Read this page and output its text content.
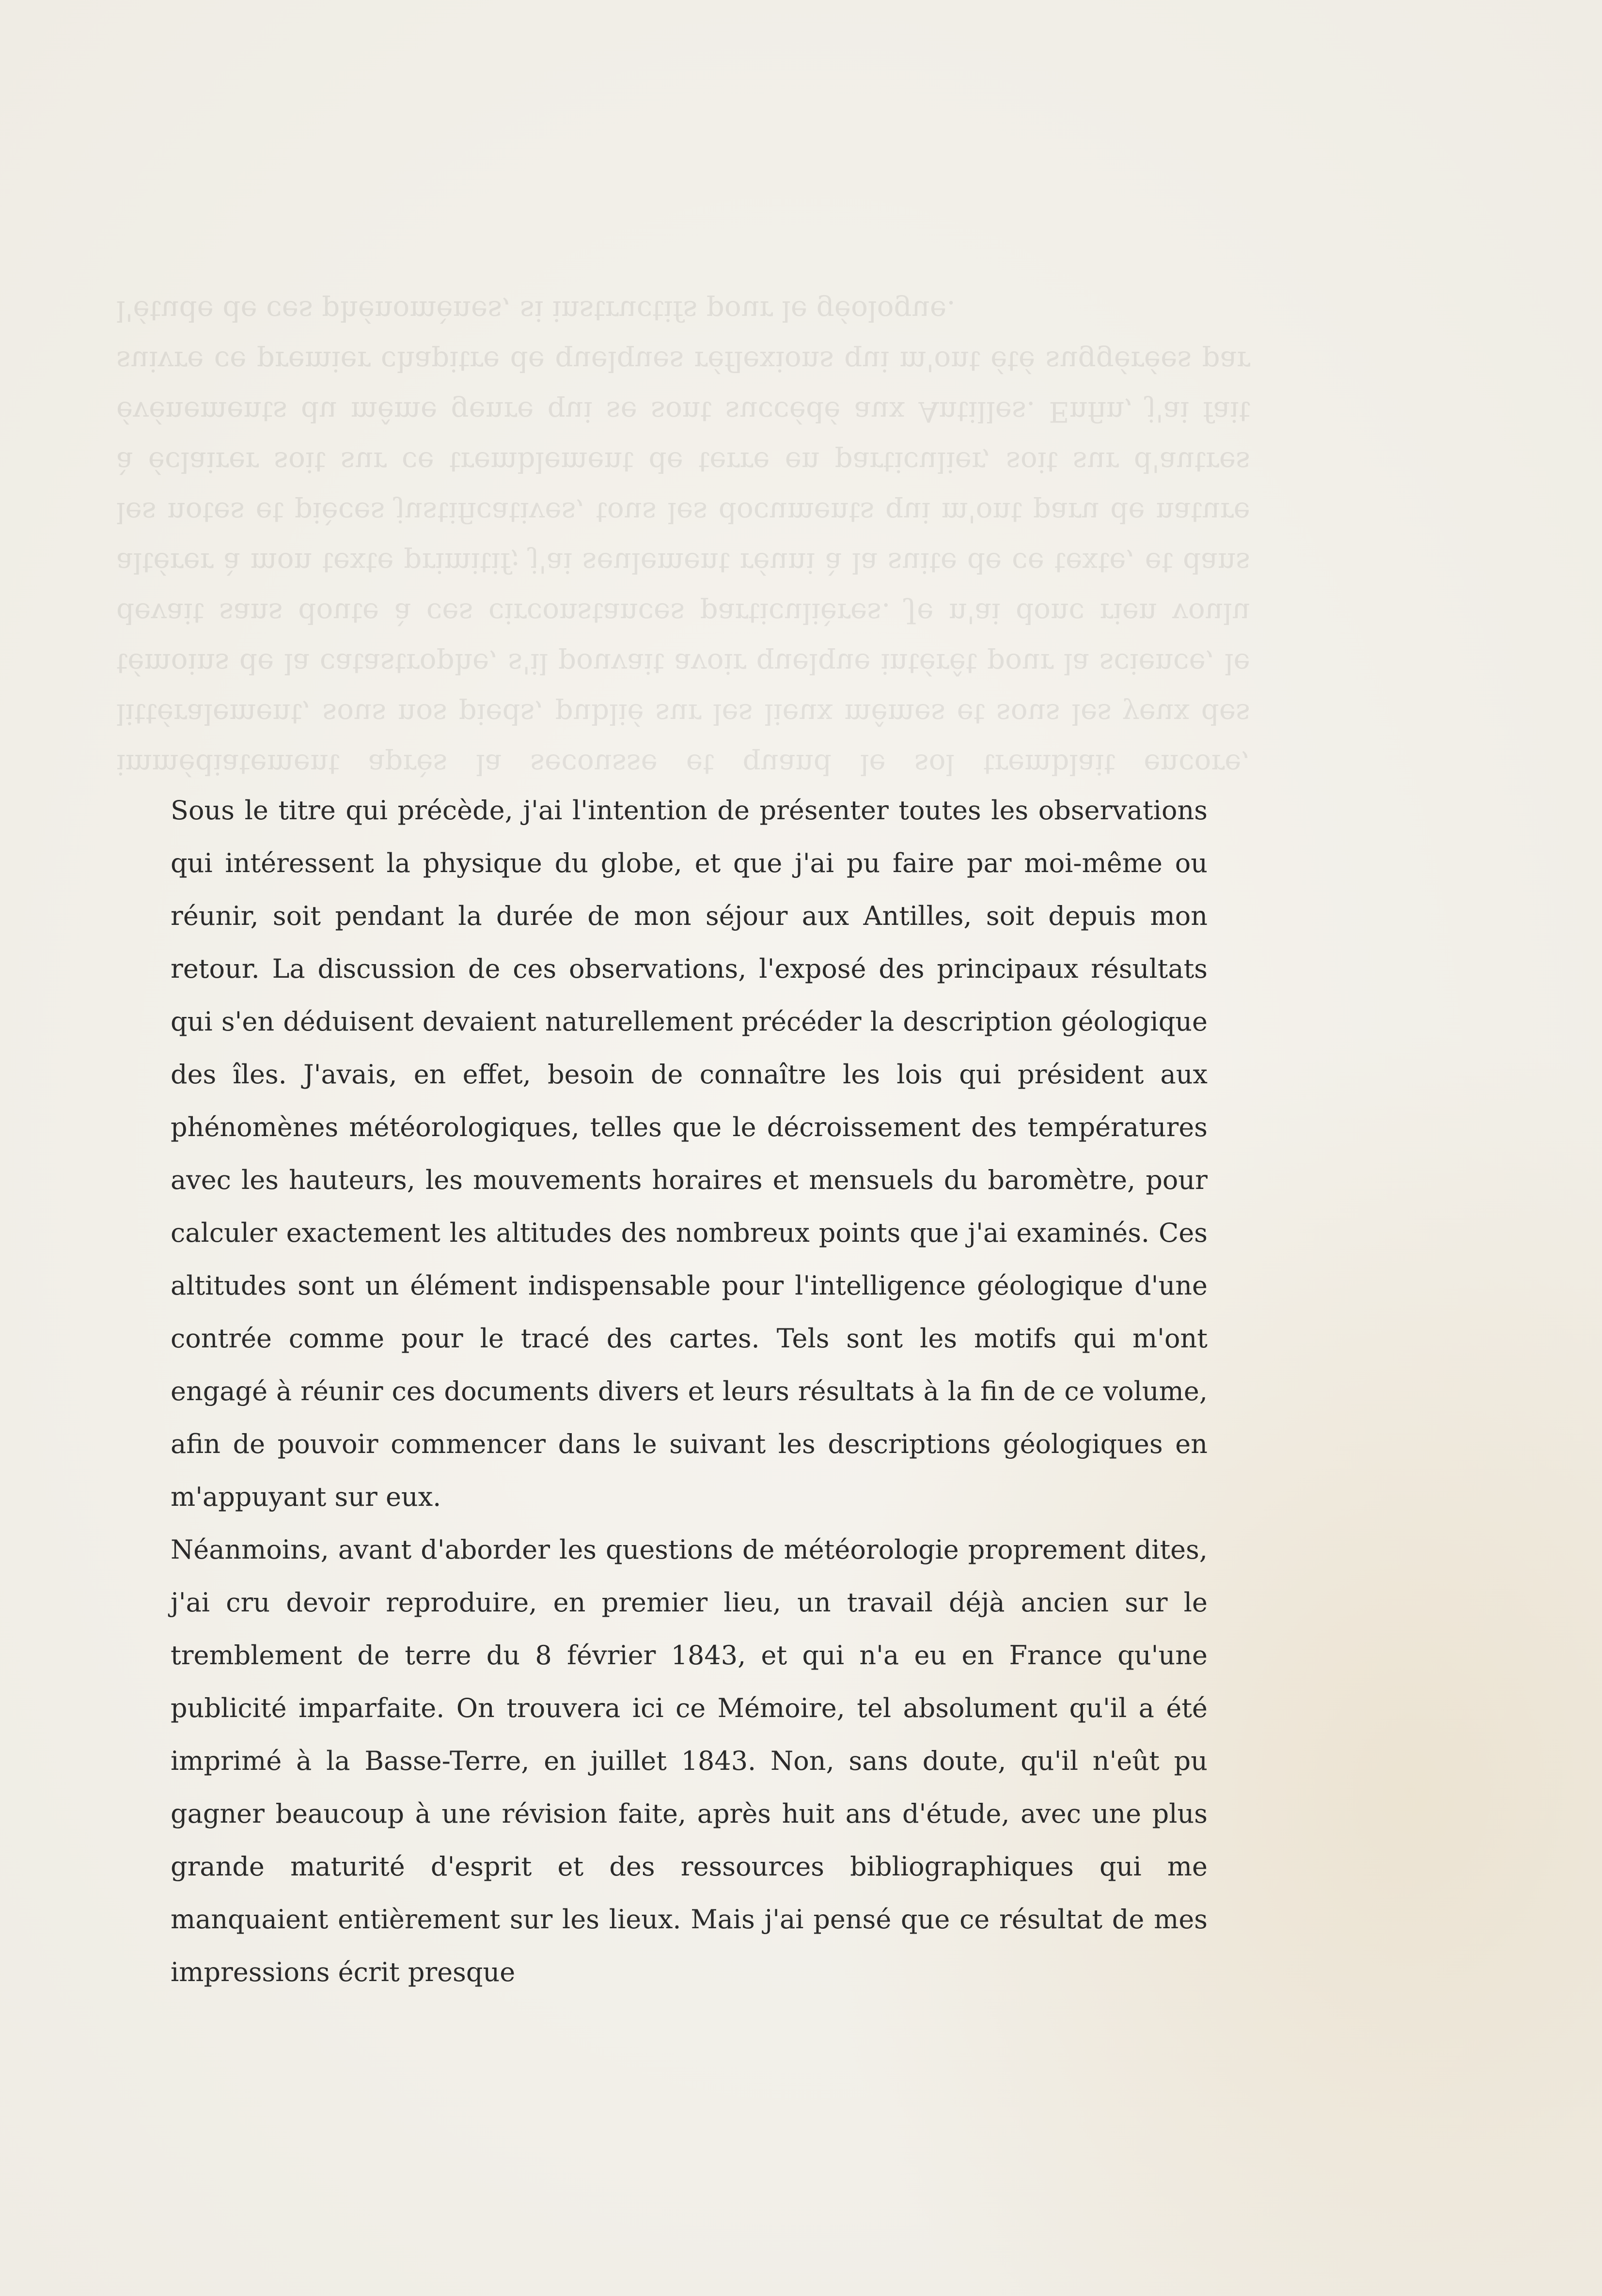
immédiatement après la secousse et quand le sol tremblait encore, littéralement, sous nos pieds, publié sur les lieux mêmes et sous les yeux des témoins de la catastrophe, s'il pouvait avoir quelque intérêt pour la science, le devait sans doute à ces circonstances particulières. Je n'ai donc rien voulu altérer à mon texte primitif; j'ai seulement réuni à la suite de ce texte, et dans les notes et pièces justificatives, tous les documents qui m'ont paru de nature à éclairer soit sur ce tremblement de terre en particulier, soit sur d'autres événements du même genre qui se sont succédé aux Antilles. Enfin, j'ai fait suivre ce premier chapitre de quelques réflexions qui m'ont été suggérées par l'étude de ces phénomènes, si instructifs pour le géologue.

Sous le titre qui précède, j'ai l'intention de présenter toutes les observations qui intéressent la physique du globe, et que j'ai pu faire par moi-même ou réunir, soit pendant la durée de mon séjour aux Antilles, soit depuis mon retour. La discussion de ces observations, l'exposé des principaux résultats qui s'en déduisent devaient naturellement précéder la description géologique des îles. J'avais, en effet, besoin de connaître les lois qui président aux phénomènes météorologiques, telles que le décroissement des températures avec les hauteurs, les mouvements horaires et mensuels du baromètre, pour calculer exactement les altitudes des nombreux points que j'ai examinés. Ces altitudes sont un élément indispensable pour l'intelligence géologique d'une contrée comme pour le tracé des cartes. Tels sont les motifs qui m'ont engagé à réunir ces documents divers et leurs résultats à la fin de ce volume, afin de pouvoir commencer dans le suivant les descriptions géologiques en m'appuyant sur eux.

Néanmoins, avant d'aborder les questions de météorologie proprement dites, j'ai cru devoir reproduire, en premier lieu, un travail déjà ancien sur le tremblement de terre du 8 février 1843, et qui n'a eu en France qu'une publicité imparfaite. On trouvera ici ce Mémoire, tel absolument qu'il a été imprimé à la Basse-Terre, en juillet 1843. Non, sans doute, qu'il n'eût pu gagner beaucoup à une révision faite, après huit ans d'étude, avec une plus grande maturité d'esprit et des ressources bibliographiques qui me manquaient entièrement sur les lieux. Mais j'ai pensé que ce résultat de mes impressions écrit presque
